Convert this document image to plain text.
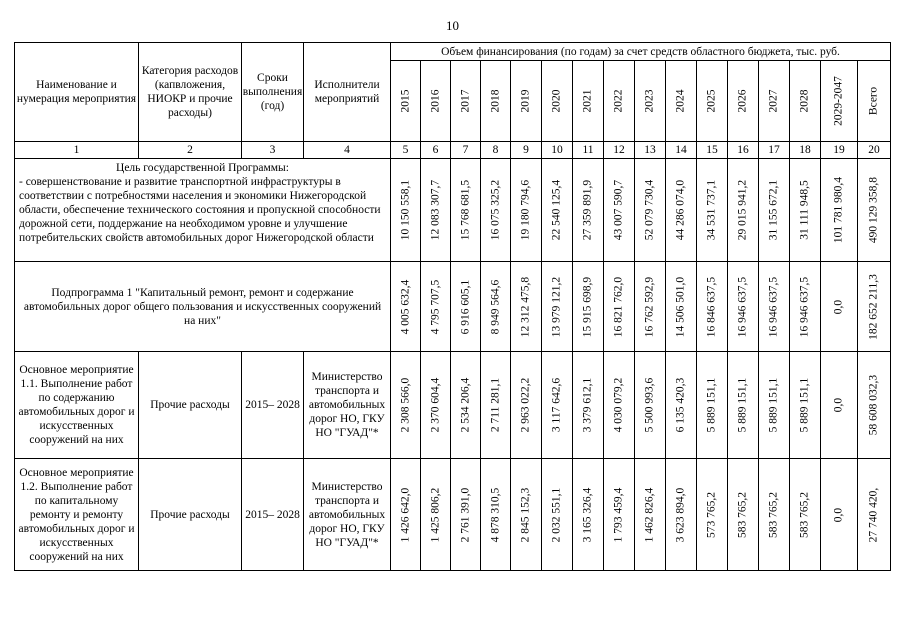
10
Наименование и нумерация мероприятия	Категория расходов (капвложения, НИОКР и прочие расходы)	Сроки выполнения (год)	Исполнители мероприятий	Объем финансирования (по годам) за счет средств областного бюджета, тыс. руб.															

				2015	2016	2017	2018	2019	2020	2021	2022	2023	2024	2025	2026	2027	2028	2029-2047	Всего

1	2	3	4	5	6	7	8	9	10	11	12	13	14	15	16	17	18	19	20

Цель государственной Программы:
- совершенствование и развитие транспортной инфраструктуры в соответствии с потребностями населения и экономики Нижегородской области, обеспечение технического состояния и пропускной способности дорожной сети, поддержание на необходимом уровне и улучшение потребительских свойств автомобильных дорог Нижегородской области				10 150 558,1	12 083 307,7	15 768 681,5	16 075 325,2	19 180 794,6	22 540 125,4	27 359 891,9	43 007 590,7	52 079 730,4	44 286 074,0	34 531 737,1	29 015 941,2	31 155 672,1	31 111 948,5	101 781 980,4	490 129 358,8

Подпрограмма 1 "Капитальный ремонт, ремонт и содержание автомобильных дорог общего пользования и искусственных сооружений на них"				4 005 632,4	4 795 707,5	6 916 605,1	8 949 564,6	12 312 475,8	13 979 121,2	15 915 698,9	16 821 762,0	16 762 592,9	14 506 501,0	16 846 637,5	16 946 637,5	16 946 637,5	16 946 637,5	0,0	182 652 211,3

Основное мероприятие 1.1. Выполнение работ по содержанию автомобильных дорог и искусственных сооружений на них	Прочие расходы	2015– 2028	Министерство транспорта и автомобильных дорог НО, ГКУ НО "ГУАД"*	2 308 566,0	2 370 604,4	2 534 206,4	2 711 281,1	2 963 022,2	3 117 642,6	3 379 612,1	4 030 079,2	5 500 993,6	6 135 420,3	5 889 151,1	5 889 151,1	5 889 151,1	5 889 151,1	0,0	58 608 032,3

Основное мероприятие 1.2. Выполнение работ по капитальному ремонту и ремонту автомобильных дорог и искусственных сооружений на них	Прочие расходы	2015– 2028	Министерство транспорта и автомобильных дорог НО, ГКУ НО "ГУАД"*	1 426 642,0	1 425 806,2	2 761 391,0	4 878 310,5	2 845 152,3	2 032 551,1	3 165 326,4	1 793 459,4	1 462 826,4	3 623 894,0	573 765,2	583 765,2	583 765,2	583 765,2	0,0	27 740 420,
